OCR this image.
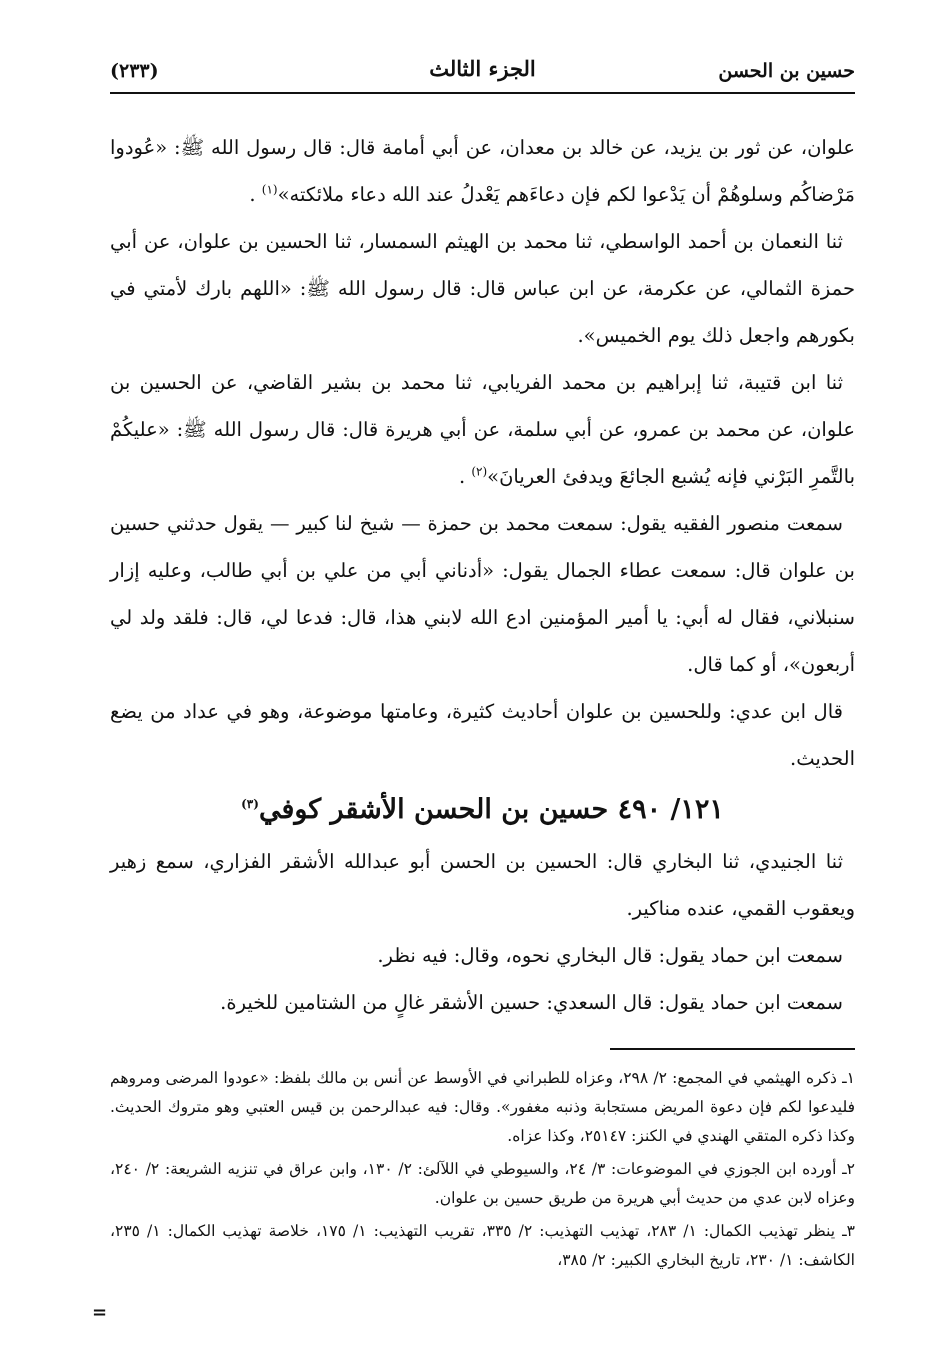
حسين بن الحسن
الجزء الثالث
(٢٣٣)

علوان، عن ثور بن يزيد، عن خالد بن معدان، عن أبي أمامة قال: قال رسول الله ﷺ: «عُودوا مَرْضاكُم وسلوهُمْ أن يَدْعوا لكم فإن دعاءَهم يَعْدلُ عند الله دعاء ملائكته»$^{(١)}$ .

ثنا النعمان بن أحمد الواسطي، ثنا محمد بن الهيثم السمسار، ثنا الحسين بن علوان، عن أبي حمزة الثمالي، عن عكرمة، عن ابن عباس قال: قال رسول الله ﷺ: «اللهم بارك لأمتي في بكورهم واجعل ذلك يوم الخميس».

ثنا ابن قتيبة، ثنا إبراهيم بن محمد الفريابي، ثنا محمد بن بشير القاضي، عن الحسين بن علوان، عن محمد بن عمرو، عن أبي سلمة، عن أبي هريرة قال: قال رسول الله ﷺ: «عليكُمْ بالتَّمرِ البَرْني فإنه يُشبع الجائعَ ويدفئ العريانَ»$^{(٢)}$ .

سمعت منصور الفقيه يقول: سمعت محمد بن حمزة — شيخ لنا كبير — يقول حدثني حسين بن علوان قال: سمعت عطاء الجمال يقول: «أدناني أبي من علي بن أبي طالب، وعليه إزار سنبلاني، فقال له أبي: يا أمير المؤمنين ادع الله لابني هذا، قال: فدعا لي، قال: فلقد ولد لي أربعون»، أو كما قال.

قال ابن عدي: وللحسين بن علوان أحاديث كثيرة، وعامتها موضوعة، وهو في عداد من يضع الحديث.

١٢١/ ٤٩٠ حسين بن الحسن الأشقر كوفي$^{(٣)}$

ثنا الجنيدي، ثنا البخاري قال: الحسين بن الحسن أبو عبدالله الأشقر الفزاري، سمع زهير ويعقوب القمي، عنده مناكير.

سمعت ابن حماد يقول: قال البخاري نحوه، وقال: فيه نظر.

سمعت ابن حماد يقول: قال السعدي: حسين الأشقر غالٍ من الشتامين للخيرة.

١ـ ذكره الهيثمي في المجمع: ٢/ ٢٩٨، وعزاه للطبراني في الأوسط عن أنس بن مالك بلفظ: «عودوا المرضى ومروهم فليدعوا لكم فإن دعوة المريض مستجابة وذنبه مغفور». وقال: فيه عبدالرحمن بن قيس العتبي وهو متروك الحديث. وكذا ذكره المتقي الهندي في الكنز: ٢٥١٤٧، وكذا عزاه.

٢ـ أورده ابن الجوزي في الموضوعات: ٣/ ٢٤، والسيوطي في اللآلئ: ٢/ ١٣٠، وابن عراق في تنزيه الشريعة: ٢/ ٢٤٠، وعزاه لابن عدي من حديث أبي هريرة من طريق حسين بن علوان.

٣ـ ينظر تهذيب الكمال: ١/ ٢٨٣، تهذيب التهذيب: ٢/ ٣٣٥، تقريب التهذيب: ١/ ١٧٥، خلاصة تهذيب الكمال: ١/ ٢٣٥، الكاشف: ١/ ٢٣٠، تاريخ البخاري الكبير: ٢/ ٣٨٥،

=
